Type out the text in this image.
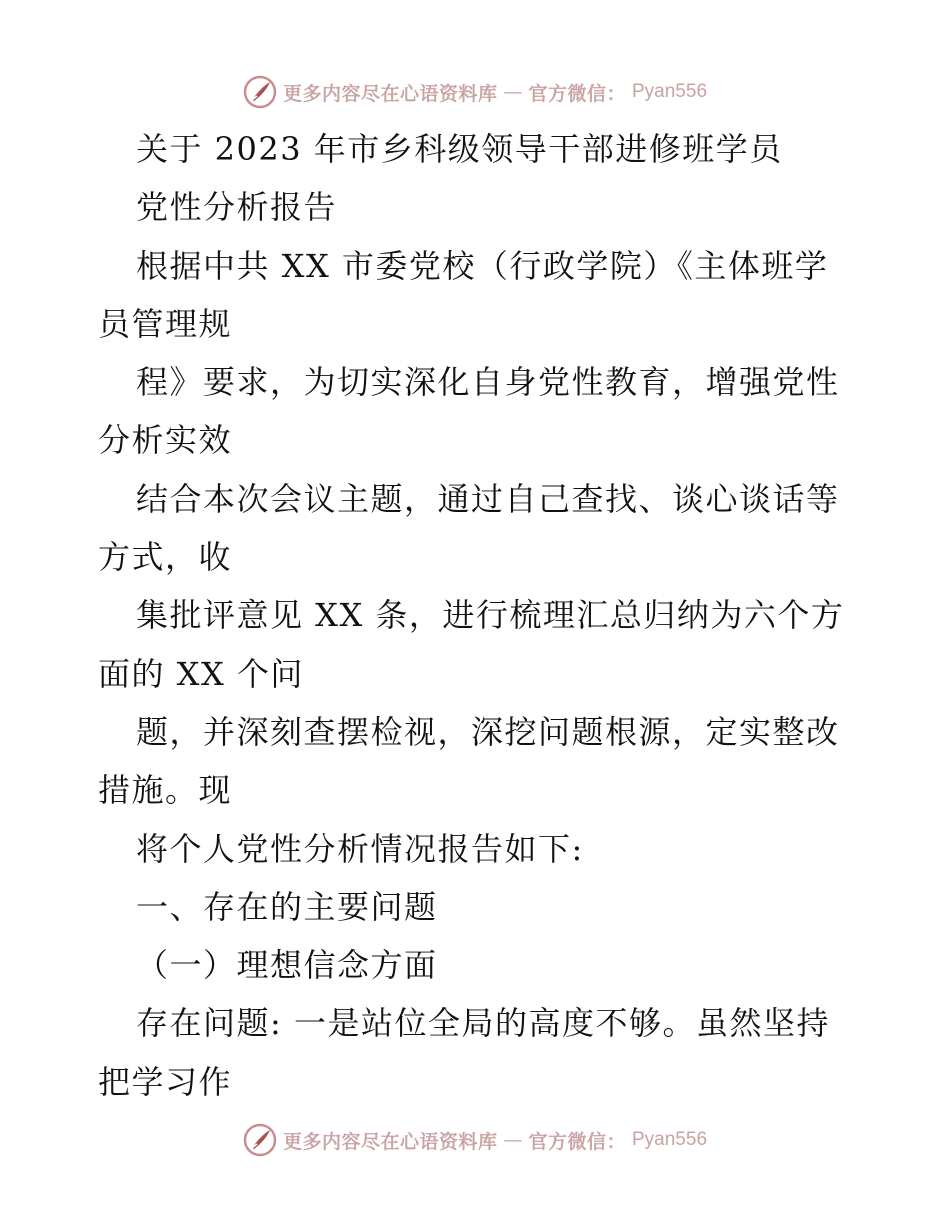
更多内容尽在心语资料库 — 官方微信： Pyan556
关于 2023 年市乡科级领导干部进修班学员
党性分析报告
根据中共 XX 市委党校（行政学院）《主体班学
员管理规
程》要求，为切实深化自身党性教育，增强党性
分析实效
结合本次会议主题，通过自己查找、谈心谈话等
方式，收
集批评意见 XX 条，进行梳理汇总归纳为六个方
面的 XX 个问
题，并深刻查摆检视，深挖问题根源，定实整改
措施。现
将个人党性分析情况报告如下:
一、存在的主要问题
（一）理想信念方面
存在问题: 一是站位全局的高度不够。虽然坚持
把学习作
更多内容尽在心语资料库 — 官方微信： Pyan556
